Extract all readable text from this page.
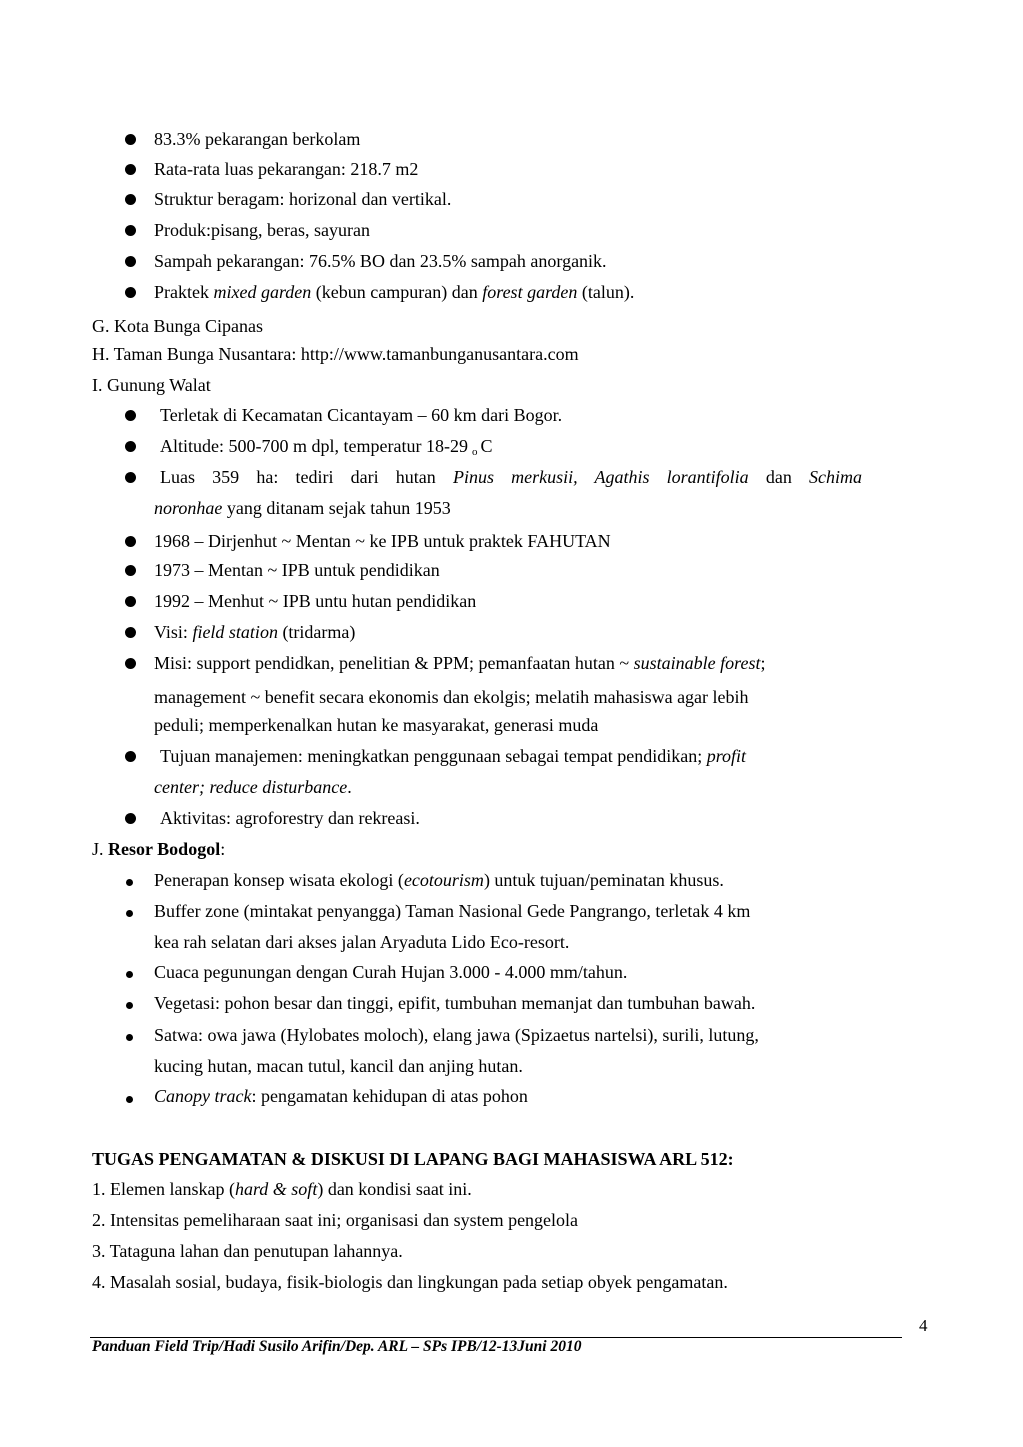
83.3% pekarangan berkolam
Rata-rata luas pekarangan: 218.7 m2
Struktur beragam: horizonal dan vertikal.
Produk:pisang, beras, sayuran
Sampah pekarangan: 76.5% BO dan 23.5% sampah anorganik.
Praktek mixed garden (kebun campuran) dan forest garden (talun).
G. Kota Bunga Cipanas
H. Taman Bunga Nusantara: http://www.tamanbunganusantara.com
I. Gunung Walat
Terletak di Kecamatan Cicantayam – 60 km dari Bogor.
Altitude: 500-700 m dpl, temperatur 18-29 $_o$ C
Luas 359 ha: tediri dari hutan Pinus merkusii, Agathis lorantifolia dan Schima
noronhae yang ditanam sejak tahun 1953
1968 – Dirjenhut ~ Mentan ~ ke IPB untuk praktek FAHUTAN
1973 – Mentan ~ IPB untuk pendidikan
1992 – Menhut ~ IPB untu hutan pendidikan
Visi: field station (tridarma)
Misi: support pendidkan, penelitian & PPM; pemanfaatan hutan ~ sustainable forest;
management ~ benefit secara ekonomis dan ekolgis; melatih mahasiswa agar lebih
peduli; memperkenalkan hutan ke masyarakat, generasi muda
Tujuan manajemen: meningkatkan penggunaan sebagai tempat pendidikan; profit
center; reduce disturbance.
Aktivitas: agroforestry dan rekreasi.
J. Resor Bodogol:
Penerapan konsep wisata ekologi (ecotourism) untuk tujuan/peminatan khusus.
Buffer zone (mintakat penyangga) Taman Nasional Gede Pangrango, terletak 4 km
kea rah selatan dari akses jalan Aryaduta Lido Eco-resort.
Cuaca pegunungan dengan Curah Hujan 3.000 - 4.000 mm/tahun.
Vegetasi: pohon besar dan tinggi, epifit, tumbuhan memanjat dan tumbuhan bawah.
Satwa: owa jawa (Hylobates moloch), elang jawa (Spizaetus nartelsi), surili, lutung,
kucing hutan, macan tutul, kancil dan anjing hutan.
Canopy track: pengamatan kehidupan di atas pohon
TUGAS PENGAMATAN & DISKUSI DI LAPANG BAGI MAHASISWA ARL 512:
1. Elemen lanskap (hard & soft) dan kondisi saat ini.
2. Intensitas pemeliharaan saat ini; organisasi dan system pengelola
3. Tataguna lahan dan penutupan lahannya.
4. Masalah sosial, budaya, fisik-biologis dan lingkungan pada setiap obyek pengamatan.
4
Panduan Field Trip/Hadi Susilo Arifin/Dep. ARL – SPs IPB/12-13Juni 2010
